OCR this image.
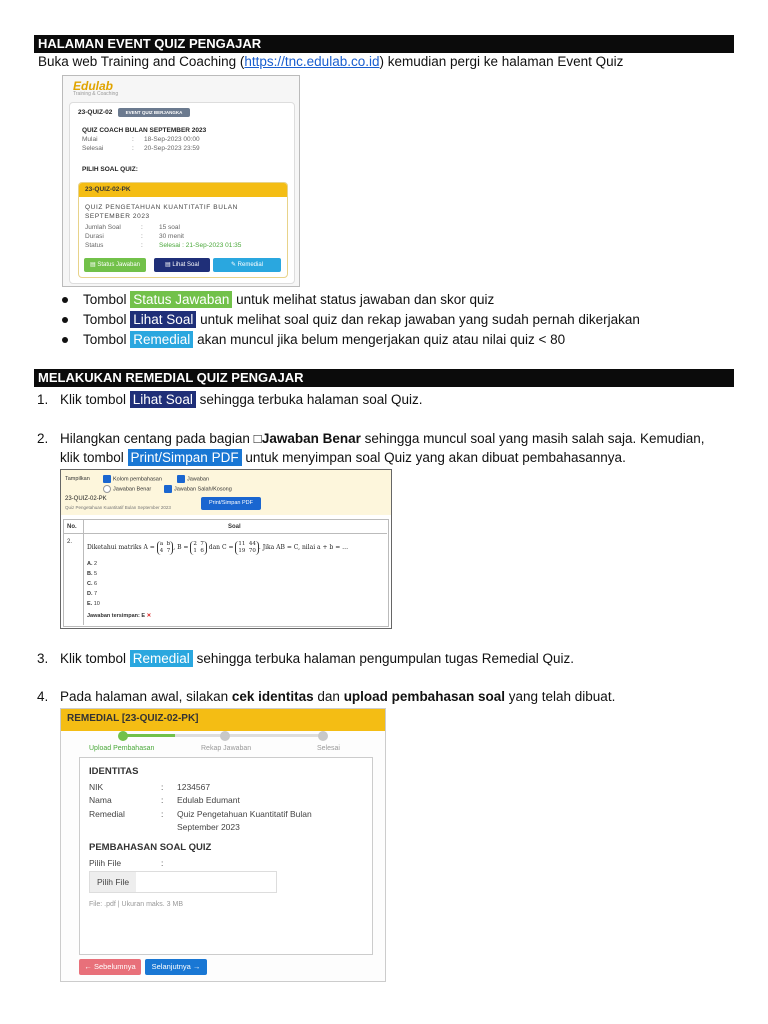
HALAMAN EVENT QUIZ PENGAJAR
Buka web Training and Coaching (https://tnc.edulab.co.id) kemudian pergi ke halaman Event Quiz
Edulab
Training & Coaching
23-QUIZ-02	EVENT QUIZ BERJANGKA
QUIZ COACH BULAN SEPTEMBER 2023
Mulai	: 18-Sep-2023 00:00
Selesai	: 20-Sep-2023 23:59
PILIH SOAL QUIZ:
23-QUIZ-02-PK
QUIZ PENGETAHUAN KUANTITATIF BULAN SEPTEMBER 2023
Jumlah Soal	: 15 soal
Durasi	: 30 menit
Status	: Selesai : 21-Sep-2023 01:35
▤ Status Jawaban	▤ Lihat Soal	✎ Remedial
Tombol Status Jawaban untuk melihat status jawaban dan skor quiz
Tombol Lihat Soal untuk melihat soal quiz dan rekap jawaban yang sudah pernah dikerjakan
Tombol Remedial akan muncul jika belum mengerjakan quiz atau nilai quiz < 80
MELAKUKAN REMEDIAL QUIZ PENGAJAR
1. Klik tombol Lihat Soal sehingga terbuka halaman soal Quiz.
2. Hilangkan centang pada bagian □Jawaban Benar sehingga muncul soal yang masih salah saja. Kemudian,
klik tombol Print/Simpan PDF untuk menyimpan soal Quiz yang akan dibuat pembahasannya.
Tampilkan	Kolom pembahasan	Jawaban
Jawaban Benar	Jawaban Salah/Kosong
23-QUIZ-02-PK
Quiz Pengetahuan Kuantitatif Bulan September 2023
Print/Simpan PDF
No.	Soal
2.
Diketahui matriks A = a b
4 7 , B = 2 7
1 6 dan C = 11 44
19 70 . Jika AB = C, nilai a + b = …
A. 2
B. 5
C. 6
D. 7
E. 10
Jawaban tersimpan: E ✕
3. Klik tombol Remedial sehingga terbuka halaman pengumpulan tugas Remedial Quiz.
4. Pada halaman awal, silakan cek identitas dan upload pembahasan soal yang telah dibuat.
REMEDIAL [23-QUIZ-02-PK]
Upload Pembahasan	Rekap Jawaban	Selesai
IDENTITAS
NIK	: 1234567
Nama	: Edulab Edumant
Remedial	: Quiz Pengetahuan Kuantitatif Bulan
September 2023
PEMBAHASAN SOAL QUIZ
Pilih File	:
Pilih File
File: .pdf | Ukuran maks. 3 MB
← Sebelumnya	Selanjutnya →
